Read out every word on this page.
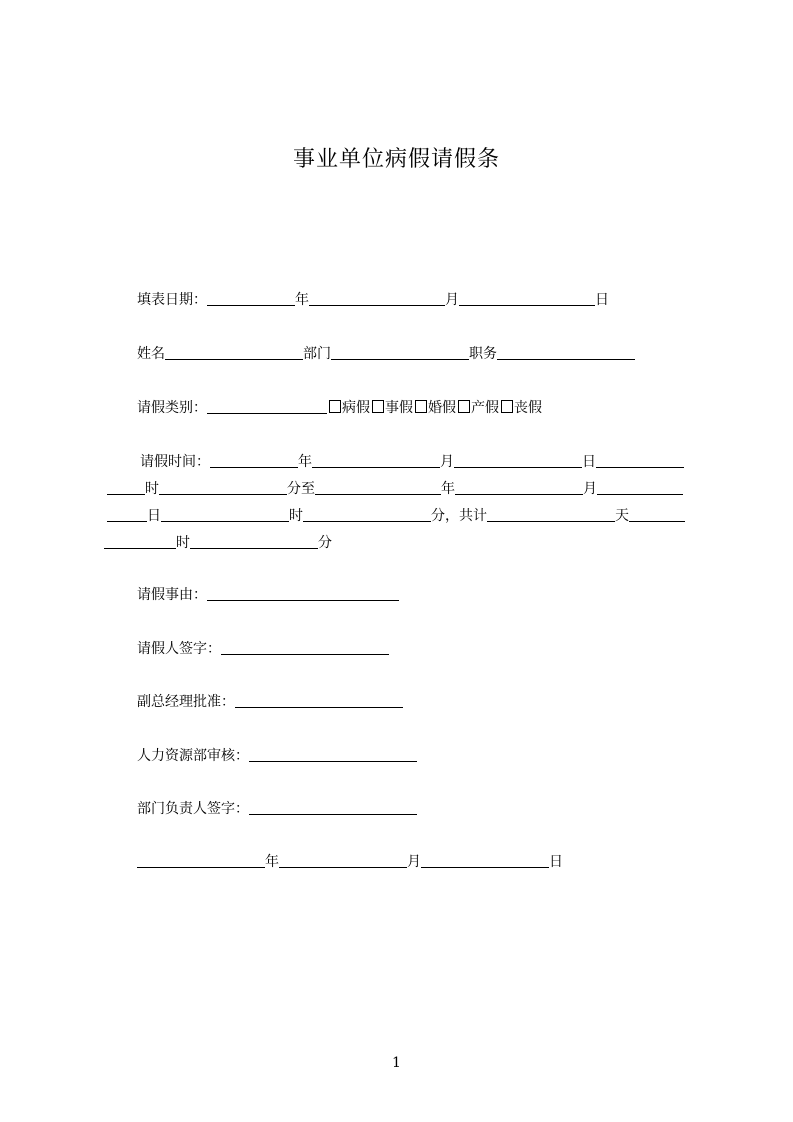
事业单位病假请假条
填表日期：	年	月	日
姓名	部门	职务
请假类别：	病假 事假 婚假 产假 丧假
请假时间：	年	月	日
时	分至	年	月
日	时	分，共计	天
时	分
请假事由：
请假人签字：
副总经理批准：
人力资源部审核：
部门负责人签字：
年	月	日
1
